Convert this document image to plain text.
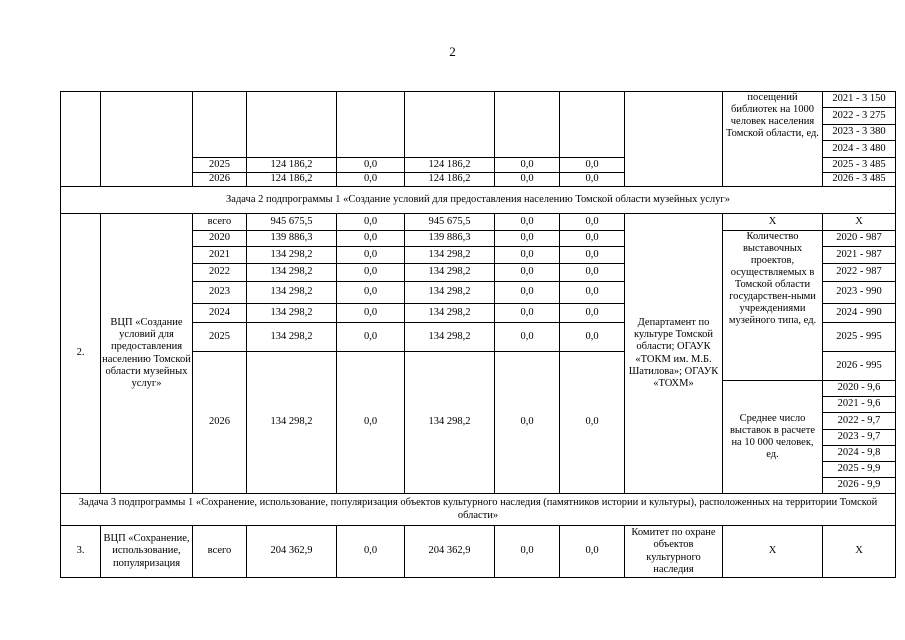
2
									посещений библиотек на 1000 человек населения Томской области, ед.	2021 - 3 150
										2022 - 3 275
										2023 - 3 380
										2024 - 3 480
		2025	124 186,2	0,0	124 186,2	0,0	0,0			2025 - 3 485
		2026	124 186,2	0,0	124 186,2	0,0	0,0			2026 - 3 485
Задача 2 подпрограммы 1 «Создание условий для предоставления населению Томской области музейных услуг»										
2.	ВЦП «Создание условий для предоставления населению Томской области музейных услуг»	всего	945 675,5	0,0	945 675,5	0,0	0,0	Департамент по культуре Томской области; ОГАУК «ТОКМ им. М.Б. Шатилова»; ОГАУК «ТОХМ»	Х	Х
		2020	139 886,3	0,0	139 886,3	0,0	0,0		Количество выставочных проектов, осуществляемых в Томской области государствен-ными учреждениями музейного типа, ед.	2020 - 987
		2021	134 298,2	0,0	134 298,2	0,0	0,0			2021 - 987
		2022	134 298,2	0,0	134 298,2	0,0	0,0			2022 - 987
		2023	134 298,2	0,0	134 298,2	0,0	0,0			2023 - 990
		2024	134 298,2	0,0	134 298,2	0,0	0,0			2024 - 990
		2025	134 298,2	0,0	134 298,2	0,0	0,0			2025 - 995
		2026	134 298,2	0,0	134 298,2	0,0	0,0			2026 - 995
									Среднее число выставок в расчете на 10 000 человек, ед.	2020 - 9,6
										2021 - 9,6
										2022 - 9,7
										2023 - 9,7
										2024 - 9,8
										2025 - 9,9
										2026 - 9,9
Задача 3 подпрограммы 1 «Сохранение, использование, популяризация объектов культурного наследия (памятников истории и культуры), расположенных на территории Томской области»										
3.	ВЦП «Сохранение, использование, популяризация	всего	204 362,9	0,0	204 362,9	0,0	0,0	Комитет по охране объектов культурного наследия	Х	Х
